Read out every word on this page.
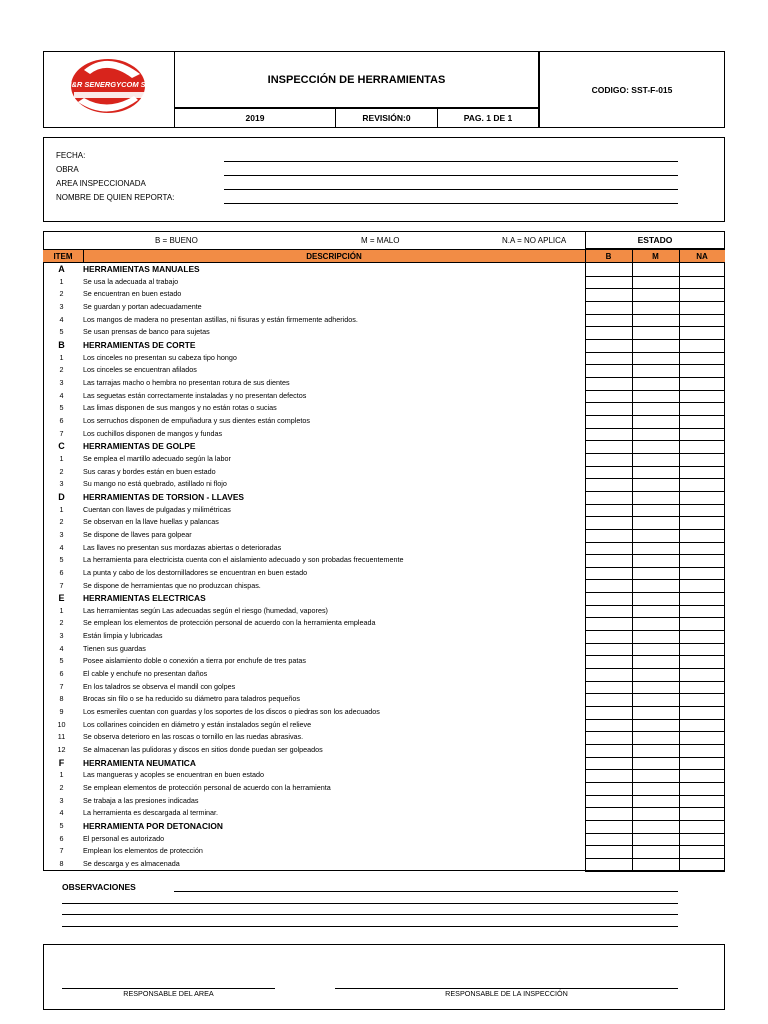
J&R SENERGYCOM S.A.C	INSPECCIÓN DE HERRAMIENTAS
CODIGO: SST-F-015
2019	REVISIÓN:0	PAG. 1 DE 1
FECHA:
OBRA
AREA INSPECCIONADA
NOMBRE DE QUIEN REPORTA:
B = BUENO	M = MALO	N.A = NO APLICA	ESTADO
ITEM	DESCRIPCIÓN	B	M	NA
A	HERRAMIENTAS MANUALES
1	Se usa la adecuada al trabajo
2	Se encuentran en buen estado
3	Se guardan y portan adecuadamente
4	Los mangos de madera no presentan astillas, ni fisuras y están firmemente adheridos.
5	Se usan prensas de banco para sujetas
B	HERRAMIENTAS DE CORTE
1	Los cinceles no presentan su cabeza tipo hongo
2	Los cinceles se encuentran afilados
3	Las tarrajas macho o hembra no presentan rotura de sus dientes
4	Las seguetas están correctamente instaladas y no presentan defectos
5	Las limas disponen de sus mangos y no están rotas o sucias
6	Los serruchos disponen de empuñadura y sus dientes están completos
7	Los cuchillos disponen de mangos y fundas
C	HERRAMIENTAS DE GOLPE
1	Se emplea el martillo adecuado según la labor
2	Sus caras y bordes están en buen estado
3	Su mango no está quebrado, astillado ni flojo
D	HERRAMIENTAS DE TORSION - LLAVES
1	Cuentan con llaves de pulgadas y milimétricas
2	Se observan en la llave huellas y palancas
3	Se dispone de llaves para golpear
4	Las llaves no presentan sus mordazas abiertas o deterioradas
5	La herramienta para electricista cuenta con el aislamiento adecuado y son probadas frecuentemente
6	La punta y cabo de los destornilladores se encuentran en buen estado
7	Se dispone de herramientas que no produzcan chispas.
E	HERRAMIENTAS ELECTRICAS
1	Las herramientas según Las adecuadas según el riesgo (humedad, vapores)
2	Se emplean los elementos de protección personal de acuerdo con la herramienta empleada
3	Están limpia y lubricadas
4	Tienen sus guardas
5	Posee aislamiento doble o conexión a tierra por enchufe de tres patas
6	El cable y enchufe no presentan daños
7	En los taladros se observa el mandil con golpes
8	Brocas sin filo o se ha reducido su diámetro para taladros pequeños
9	Los esmeriles cuentan con guardas y los soportes de los discos o piedras son los adecuados
10	Los collarines coinciden en diámetro y están instalados según el relieve
11	Se observa deterioro en las roscas o tornillo en las ruedas abrasivas.
12	Se almacenan las pulidoras y discos en sitios donde puedan ser golpeados
F	HERRAMIENTA NEUMATICA
1	Las mangueras y acoples se encuentran en buen estado
2	Se emplean elementos de protección personal de acuerdo con la herramienta
3	Se trabaja a las presiones indicadas
4	La herramienta es descargada al terminar.
5	HERRAMIENTA POR DETONACION
6	El personal es autorizado
7	Emplean los elementos de protección
8	Se descarga y es almacenada
OBSERVACIONES
RESPONSABLE DEL AREA	RESPONSABLE DE LA INSPECCIÓN
